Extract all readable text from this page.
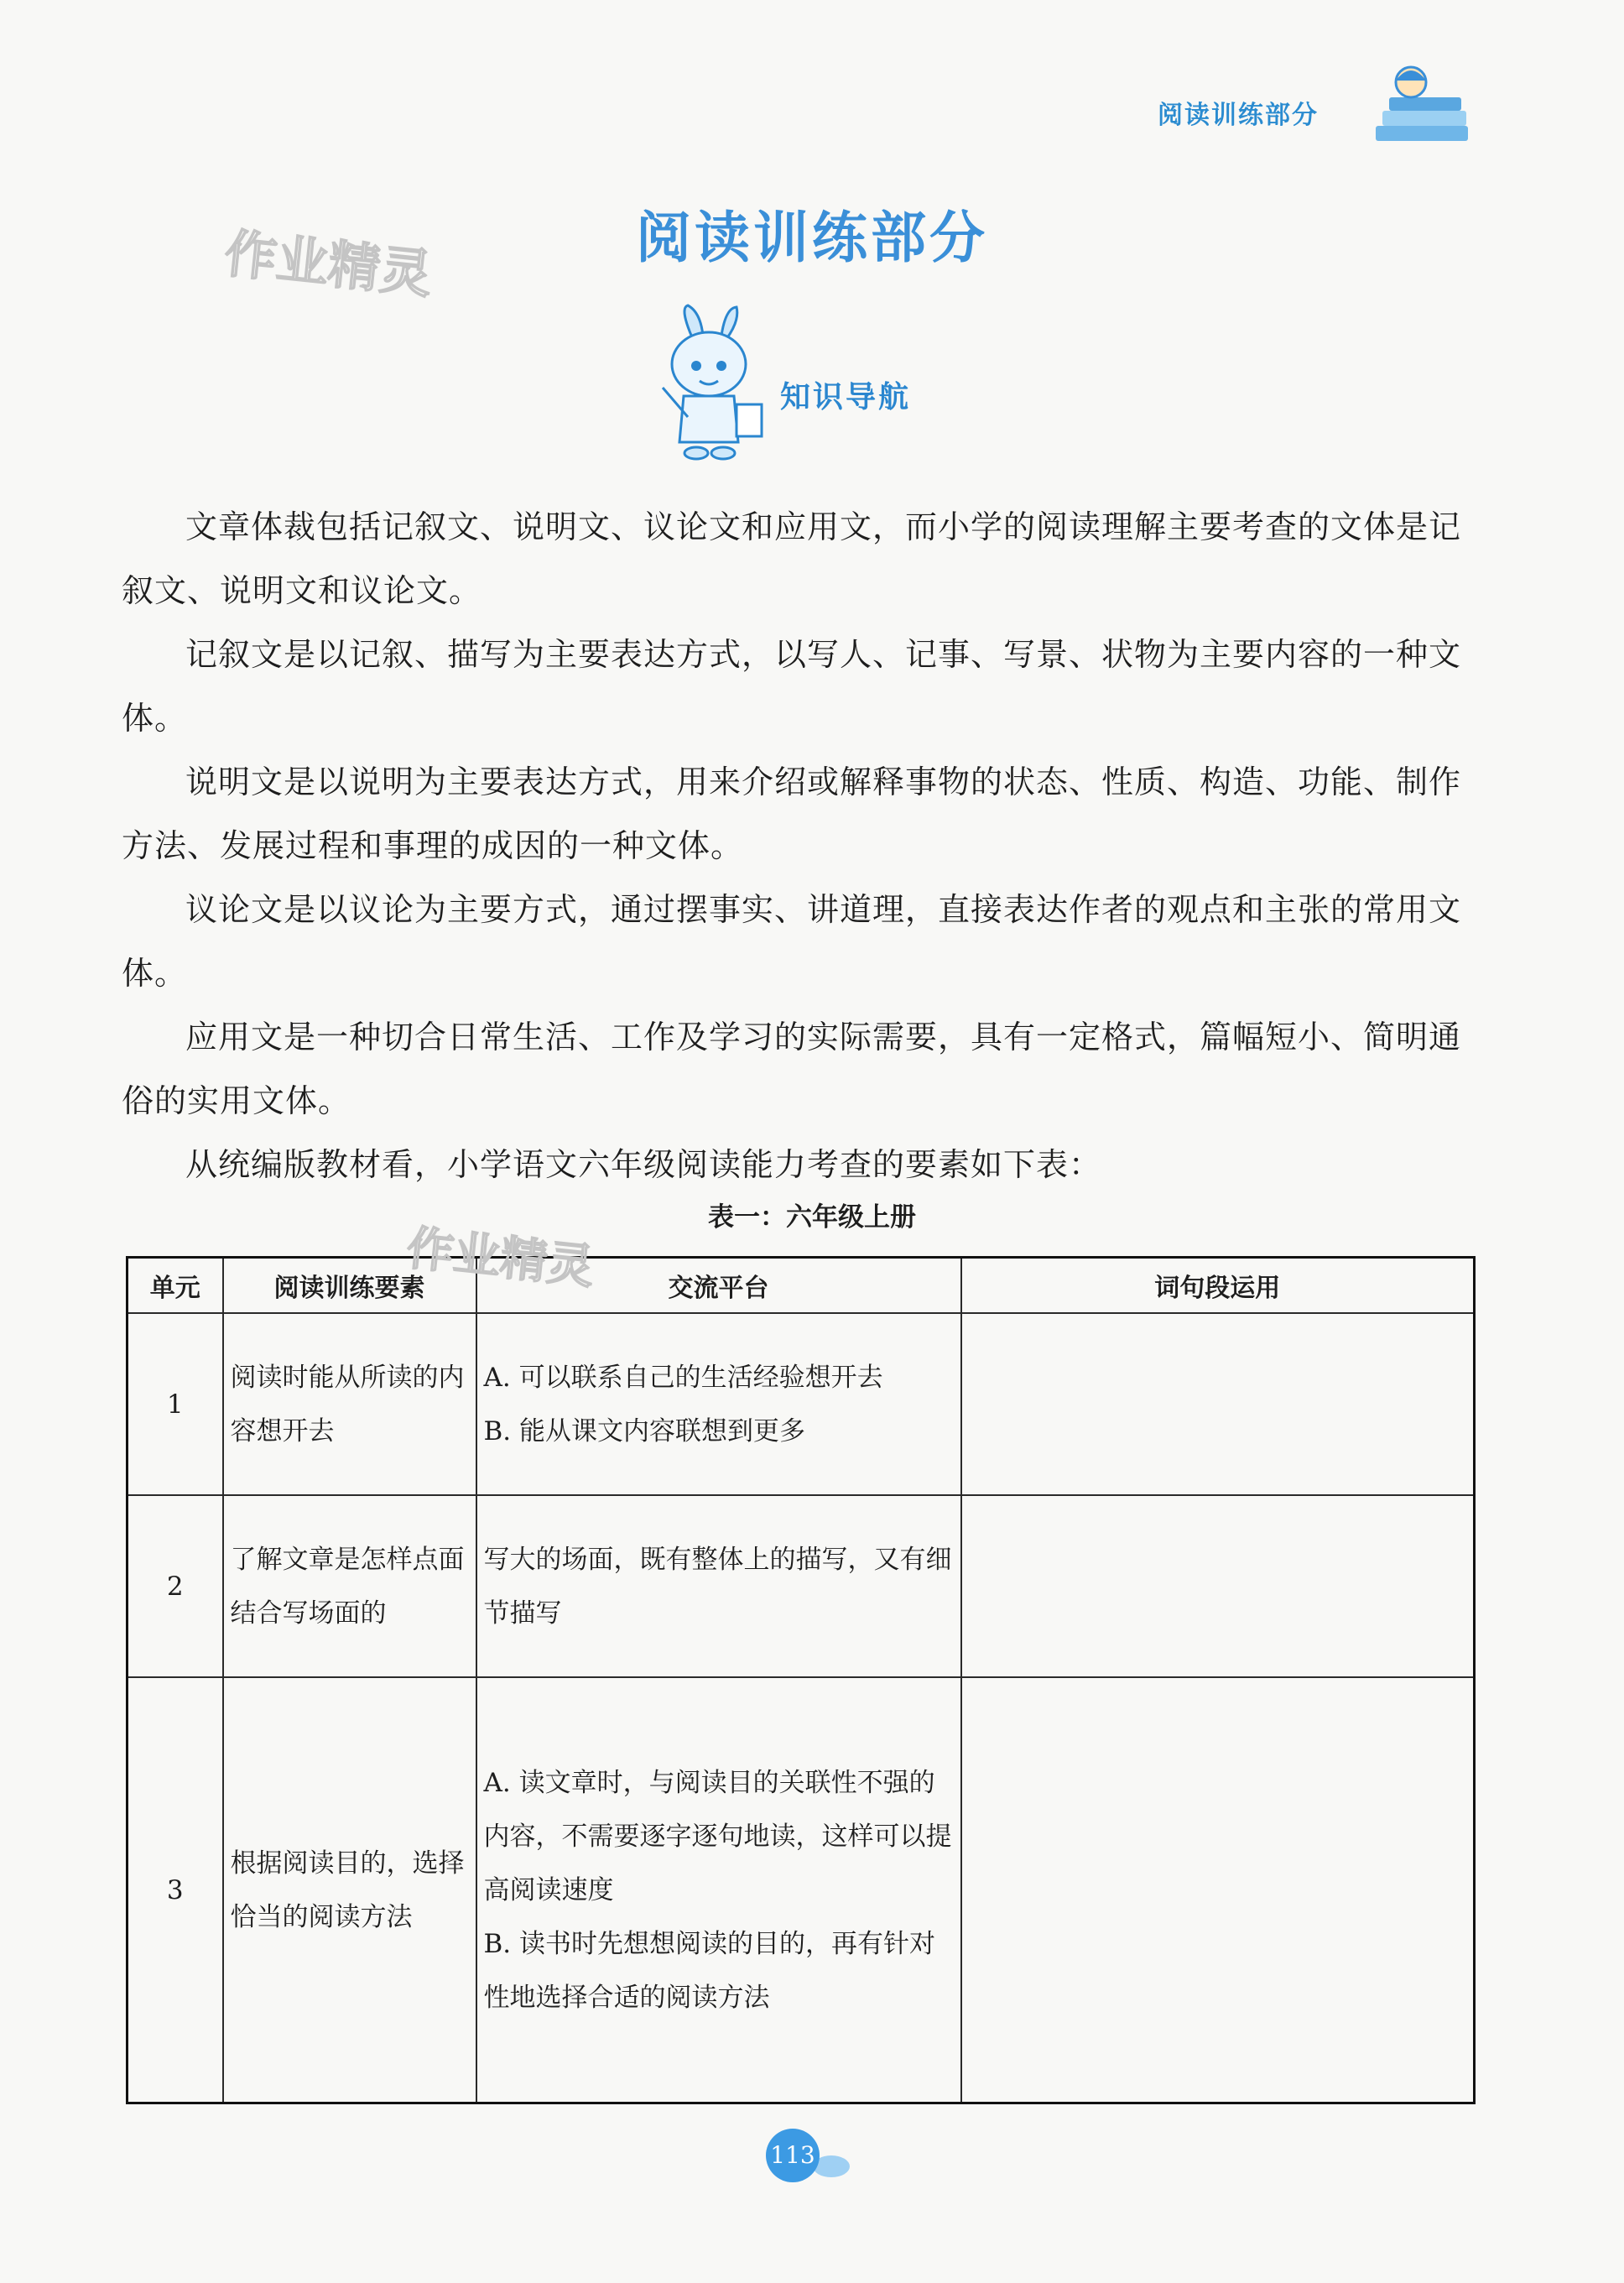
阅读训练部分
作业精灵	阅读训练部分
知识导航

文章体裁包括记叙文、说明文、议论文和应用文，而小学的阅读理解主要考查的文体是记叙文、说明文和议论文。

记叙文是以记叙、描写为主要表达方式，以写人、记事、写景、状物为主要内容的一种文体。

说明文是以说明为主要表达方式，用来介绍或解释事物的状态、性质、构造、功能、制作方法、发展过程和事理的成因的一种文体。

议论文是以议论为主要方式，通过摆事实、讲道理，直接表达作者的观点和主张的常用文体。

应用文是一种切合日常生活、工作及学习的实际需要，具有一定格式，篇幅短小、简明通俗的实用文体。

从统编版教材看，小学语文六年级阅读能力考查的要素如下表：

表一：六年级上册
单元	阅读训练要素	交流平台	词句段运用
1	阅读时能从所读的内容想开去	A. 可以联系自己的生活经验想开去
B. 能从课文内容联想到更多	

2	了解文章是怎样点面结合写场面的	写大的场面，既有整体上的描写，又有细节描写	

3	根据阅读目的，选择恰当的阅读方法	A. 读文章时，与阅读目的关联性不强的内容，不需要逐字逐句地读，这样可以提高阅读速度
B. 读书时先想想阅读的目的，再有针对性地选择合适的阅读方法	

作业精灵
113
